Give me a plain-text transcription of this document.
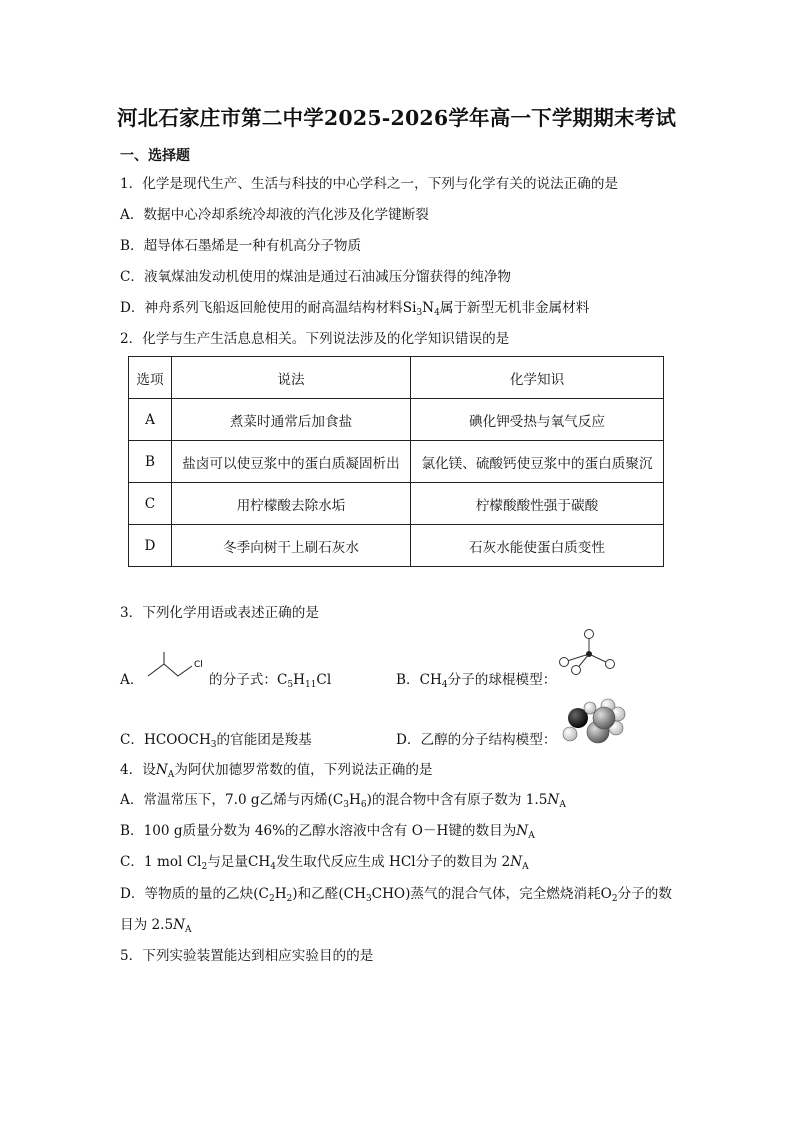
河北石家庄市第二中学2025-2026学年高一下学期期末考试
一、选择题
1．化学是现代生产、生活与科技的中心学科之一，下列与化学有关的说法正确的是
A．数据中心冷却系统冷却液的汽化涉及化学键断裂
B．超导体石墨烯是一种有机高分子物质
C．液氧煤油发动机使用的煤油是通过石油减压分馏获得的纯净物
D．神舟系列飞船返回舱使用的耐高温结构材料$Si_3N_4$属于新型无机非金属材料
2．化学与生产生活息息相关。下列说法涉及的化学知识错误的是
选项	说法	化学知识
A	煮菜时通常后加食盐	碘化钾受热与氧气反应
B	盐卤可以使豆浆中的蛋白质凝固析出	氯化镁、硫酸钙使豆浆中的蛋白质聚沉
C	用柠檬酸去除水垢	柠檬酸酸性强于碳酸
D	冬季向树干上刷石灰水	石灰水能使蛋白质变性
3．下列化学用语或表述正确的是
A．
Cl
的分子式：$C_5H_{11}Cl$	B．$CH_4$分子的球棍模型：
C．$HCOOCH_3$的官能团是羧基	D．乙醇的分子结构模型：
4．设$N_A$为阿伏加德罗常数的值，下列说法正确的是
A．常温常压下，7.0 g乙烯与丙烯$(C_3H_6)$的混合物中含有原子数为 $1.5N_A$
B．100 g质量分数为 46%的乙醇水溶液中含有 O－H键的数目为$N_A$
C．1 mol $Cl_2$与足量$CH_4$发生取代反应生成 HCl分子的数目为 $2N_A$
D．等物质的量的乙炔$(C_2H_2)$和乙醛$(CH_3CHO)$蒸气的混合气体，完全燃烧消耗$O_2$分子的数
目为 $2.5N_A$
5．下列实验装置能达到相应实验目的的是
